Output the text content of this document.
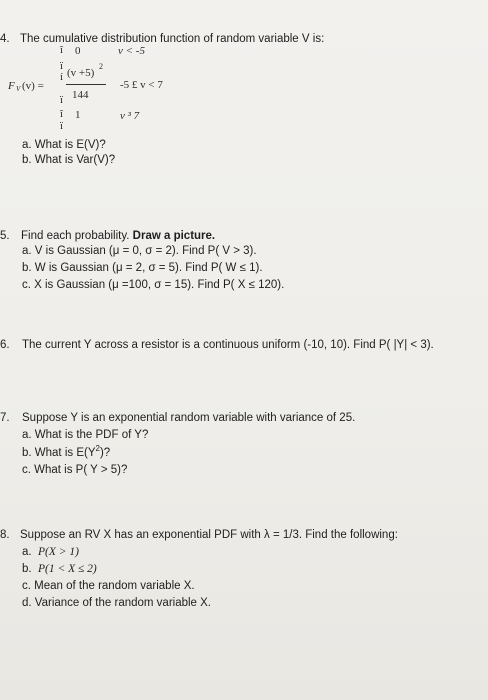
4. The cumulative distribution function of random variable V is:
F V (v) =
î
ï
í
ï
î
ï
0	v < -5
(v +5)
2
144
-5 £ v < 7
1	v ³ 7
a. What is E(V)?
b. What is Var(V)?
5. Find each probability. Draw a picture.
a. V is Gaussian (μ = 0, σ = 2). Find P( V > 3).
b. W is Gaussian (μ = 2, σ = 5). Find P( W ≤ 1).
c. X is Gaussian (μ =100, σ = 15). Find P( X ≤ 120).
6. The current Y across a resistor is a continuous uniform (-10, 10). Find P( |Y| < 3).
7. Suppose Y is an exponential random variable with variance of 25.
a. What is the PDF of Y?
b. What is $E(Y^2)$?
c. What is P( Y > 5)?
8. Suppose an RV X has an exponential PDF with λ = 1/3. Find the following:
a. P(X > 1)
b. P(1 < X ≤ 2)
c. Mean of the random variable X.
d. Variance of the random variable X.
